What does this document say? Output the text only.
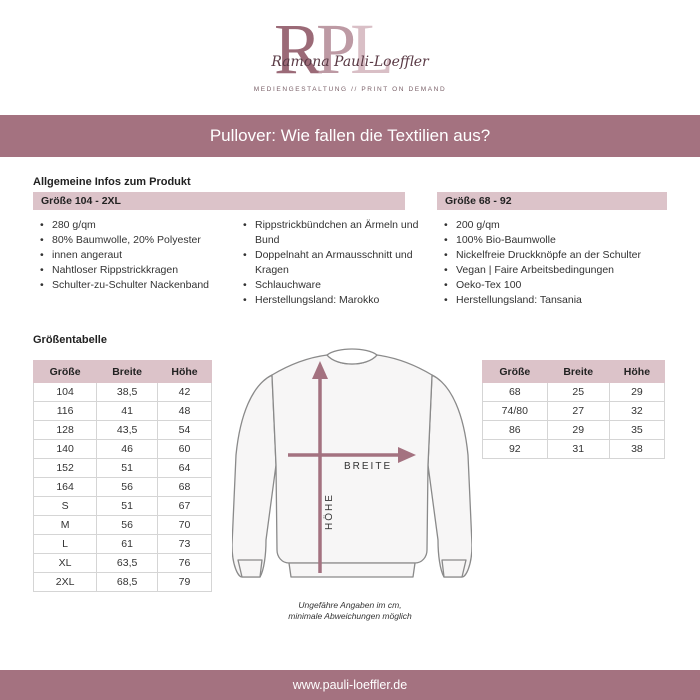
RPL
Ramona Pauli-Loeffler
MEDIENGESTALTUNG // PRINT ON DEMAND
Pullover: Wie fallen die Textilien aus?
Allgemeine Infos zum Produkt
Größe 104 - 2XL	Größe 68 - 92
• 280 g/qm
• 80% Baumwolle, 20% Polyester
• innen angeraut
• Nahtloser Rippstrickkragen
• Schulter-zu-Schulter Nackenband
• Rippstrickbündchen an Ärmeln und Bund
• Doppelnaht an Armausschnitt und Kragen
• Schlauchware
• Herstellungsland: Marokko
• 200 g/qm
• 100% Bio-Baumwolle
• Nickelfreie Druckknöpfe an der Schulter
• Vegan | Faire Arbeitsbedingungen
• Oeko-Tex 100
• Herstellungsland: Tansania
Größentabelle
Größe	Breite	Höhe
104	38,5	42
116	41	48
128	43,5	54
140	46	60
152	51	64
164	56	68
S	51	67
M	56	70
L	61	73
XL	63,5	76
2XL	68,5	79
Größe	Breite	Höhe
68	25	29
74/80	27	32
86	29	35
92	31	38
BREITE
HÖHE
Ungefähre Angaben im cm,
minimale Abweichungen möglich
www.pauli-loeffler.de
